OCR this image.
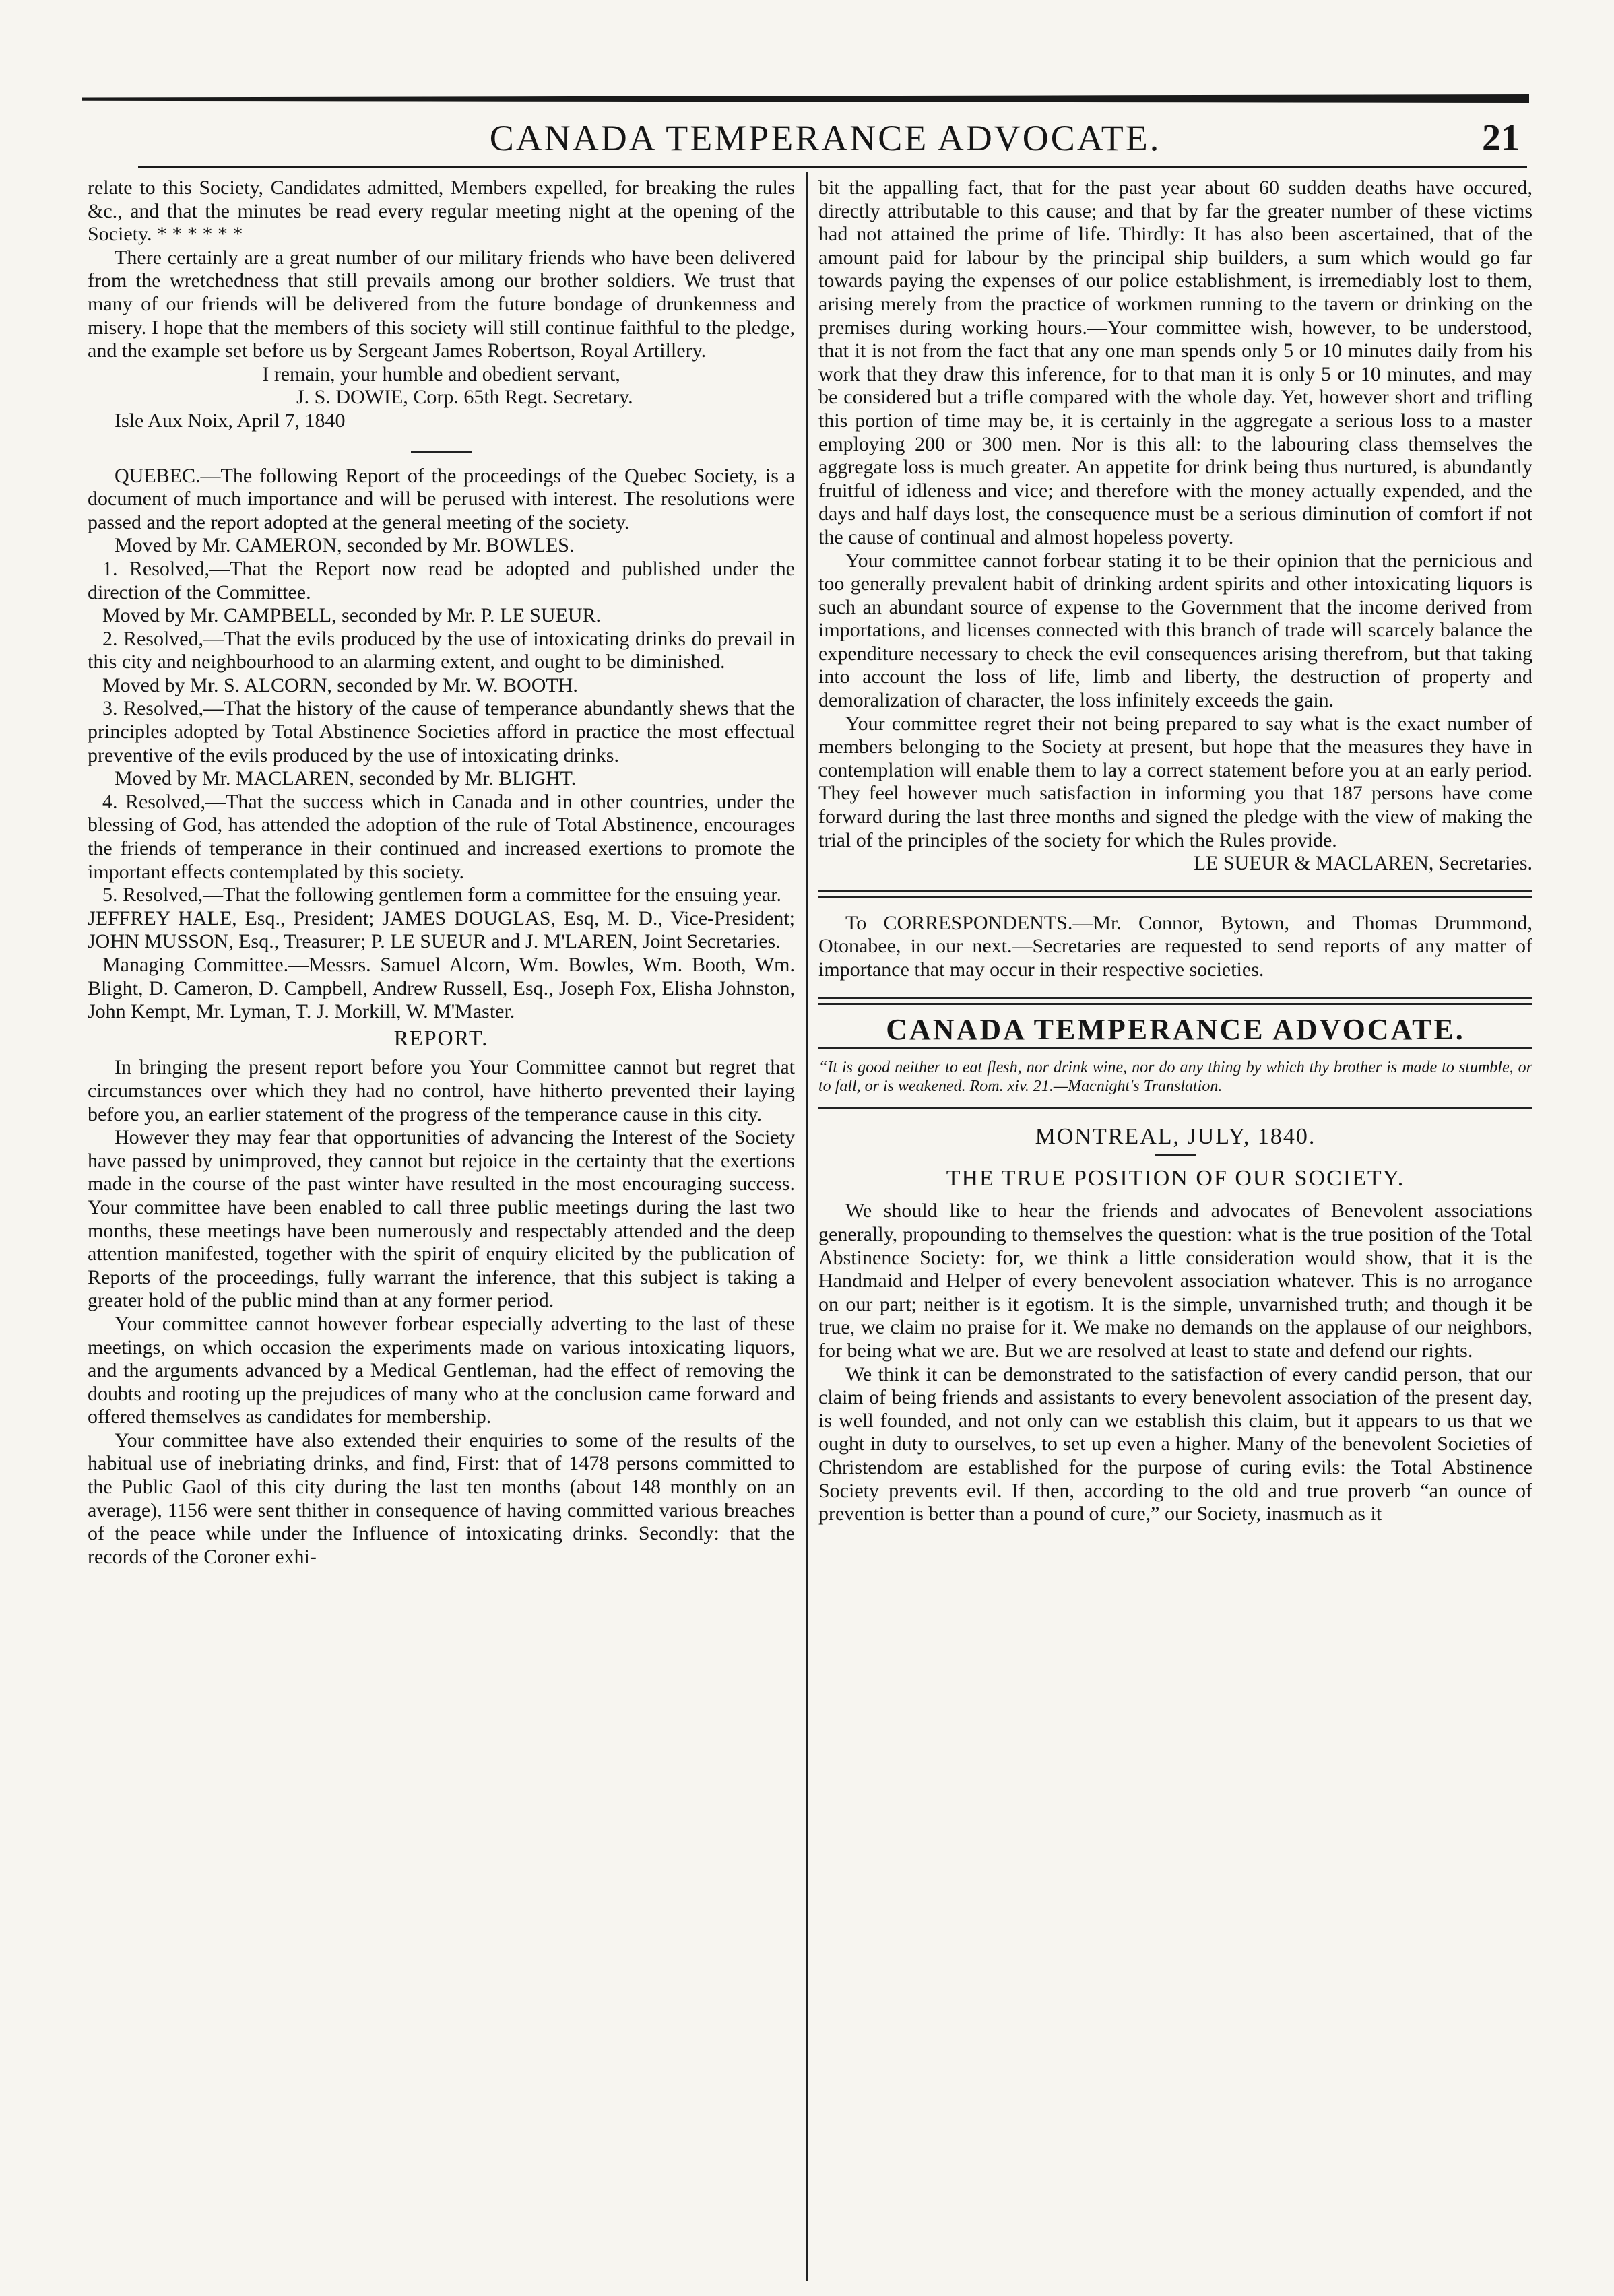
CANADA TEMPERANCE ADVOCATE.	21

relate to this Society, Candidates admitted, Members expelled, for breaking the rules &c., and that the minutes be read every regular meeting night at the opening of the Society. * * * * * *

There certainly are a great number of our military friends who have been delivered from the wretchedness that still prevails among our brother soldiers. We trust that many of our friends will be delivered from the future bondage of drunkenness and misery. I hope that the members of this society will still continue faithful to the pledge, and the example set before us by Sergeant James Robertson, Royal Artillery.

I remain, your humble and obedient servant,

J. S. DOWIE, Corp. 65th Regt. Secretary.

Isle Aux Noix, April 7, 1840

QUEBEC.—The following Report of the proceedings of the Quebec Society, is a document of much importance and will be perused with interest. The resolutions were passed and the report adopted at the general meeting of the society.

Moved by Mr. CAMERON, seconded by Mr. BOWLES.

1. Resolved,—That the Report now read be adopted and published under the direction of the Committee.

Moved by Mr. CAMPBELL, seconded by Mr. P. LE SUEUR.

2. Resolved,—That the evils produced by the use of intoxicating drinks do prevail in this city and neighbourhood to an alarming extent, and ought to be diminished.

Moved by Mr. S. ALCORN, seconded by Mr. W. BOOTH.

3. Resolved,—That the history of the cause of temperance abundantly shews that the principles adopted by Total Abstinence Societies afford in practice the most effectual preventive of the evils produced by the use of intoxicating drinks.

Moved by Mr. MACLAREN, seconded by Mr. BLIGHT.

4. Resolved,—That the success which in Canada and in other countries, under the blessing of God, has attended the adoption of the rule of Total Abstinence, encourages the friends of temperance in their continued and increased exertions to promote the important effects contemplated by this society.

5. Resolved,—That the following gentlemen form a committee for the ensuing year.

JEFFREY HALE, Esq., President; JAMES DOUGLAS, Esq, M. D., Vice-President; JOHN MUSSON, Esq., Treasurer; P. LE SUEUR and J. M'LAREN, Joint Secretaries.

Managing Committee.—Messrs. Samuel Alcorn, Wm. Bowles, Wm. Booth, Wm. Blight, D. Cameron, D. Campbell, Andrew Russell, Esq., Joseph Fox, Elisha Johnston, John Kempt, Mr. Lyman, T. J. Morkill, W. M'Master.

REPORT.

In bringing the present report before you Your Committee cannot but regret that circumstances over which they had no control, have hitherto prevented their laying before you, an earlier statement of the progress of the temperance cause in this city.

However they may fear that opportunities of advancing the Interest of the Society have passed by unimproved, they cannot but rejoice in the certainty that the exertions made in the course of the past winter have resulted in the most encouraging success. Your committee have been enabled to call three public meetings during the last two months, these meetings have been numerously and respectably attended and the deep attention manifested, together with the spirit of enquiry elicited by the publication of Reports of the proceedings, fully warrant the inference, that this subject is taking a greater hold of the public mind than at any former period.

Your committee cannot however forbear especially adverting to the last of these meetings, on which occasion the experiments made on various intoxicating liquors, and the arguments advanced by a Medical Gentleman, had the effect of removing the doubts and rooting up the prejudices of many who at the conclusion came forward and offered themselves as candidates for membership.

Your committee have also extended their enquiries to some of the results of the habitual use of inebriating drinks, and find, First: that of 1478 persons committed to the Public Gaol of this city during the last ten months (about 148 monthly on an average), 1156 were sent thither in consequence of having committed various breaches of the peace while under the Influence of intoxicating drinks. Secondly: that the records of the Coroner exhi-

bit the appalling fact, that for the past year about 60 sudden deaths have occured, directly attributable to this cause; and that by far the greater number of these victims had not attained the prime of life. Thirdly: It has also been ascertained, that of the amount paid for labour by the principal ship builders, a sum which would go far towards paying the expenses of our police establishment, is irremediably lost to them, arising merely from the practice of workmen running to the tavern or drinking on the premises during working hours.—Your committee wish, however, to be understood, that it is not from the fact that any one man spends only 5 or 10 minutes daily from his work that they draw this inference, for to that man it is only 5 or 10 minutes, and may be considered but a trifle compared with the whole day. Yet, however short and trifling this portion of time may be, it is certainly in the aggregate a serious loss to a master employing 200 or 300 men. Nor is this all: to the labouring class themselves the aggregate loss is much greater. An appetite for drink being thus nurtured, is abundantly fruitful of idleness and vice; and therefore with the money actually expended, and the days and half days lost, the consequence must be a serious diminution of comfort if not the cause of continual and almost hopeless poverty.

Your committee cannot forbear stating it to be their opinion that the pernicious and too generally prevalent habit of drinking ardent spirits and other intoxicating liquors is such an abundant source of expense to the Government that the income derived from importations, and licenses connected with this branch of trade will scarcely balance the expenditure necessary to check the evil consequences arising therefrom, but that taking into account the loss of life, limb and liberty, the destruction of property and demoralization of character, the loss infinitely exceeds the gain.

Your committee regret their not being prepared to say what is the exact number of members belonging to the Society at present, but hope that the measures they have in contemplation will enable them to lay a correct statement before you at an early period. They feel however much satisfaction in informing you that 187 persons have come forward during the last three months and signed the pledge with the view of making the trial of the principles of the society for which the Rules provide.

LE SUEUR & MACLAREN, Secretaries.

To CORRESPONDENTS.—Mr. Connor, Bytown, and Thomas Drummond, Otonabee, in our next.—Secretaries are requested to send reports of any matter of importance that may occur in their respective societies.

CANADA TEMPERANCE ADVOCATE.

“It is good neither to eat flesh, nor drink wine, nor do any thing by which thy brother is made to stumble, or to fall, or is weakened. Rom. xiv. 21.—Macnight's Translation.

MONTREAL, JULY, 1840.
THE TRUE POSITION OF OUR SOCIETY.

We should like to hear the friends and advocates of Benevolent associations generally, propounding to themselves the question: what is the true position of the Total Abstinence Society: for, we think a little consideration would show, that it is the Handmaid and Helper of every benevolent association whatever. This is no arrogance on our part; neither is it egotism. It is the simple, unvarnished truth; and though it be true, we claim no praise for it. We make no demands on the applause of our neighbors, for being what we are. But we are resolved at least to state and defend our rights.

We think it can be demonstrated to the satisfaction of every candid person, that our claim of being friends and assistants to every benevolent association of the present day, is well founded, and not only can we establish this claim, but it appears to us that we ought in duty to ourselves, to set up even a higher. Many of the benevolent Societies of Christendom are established for the purpose of curing evils: the Total Abstinence Society prevents evil. If then, according to the old and true proverb “an ounce of prevention is better than a pound of cure,” our Society, inasmuch as it
